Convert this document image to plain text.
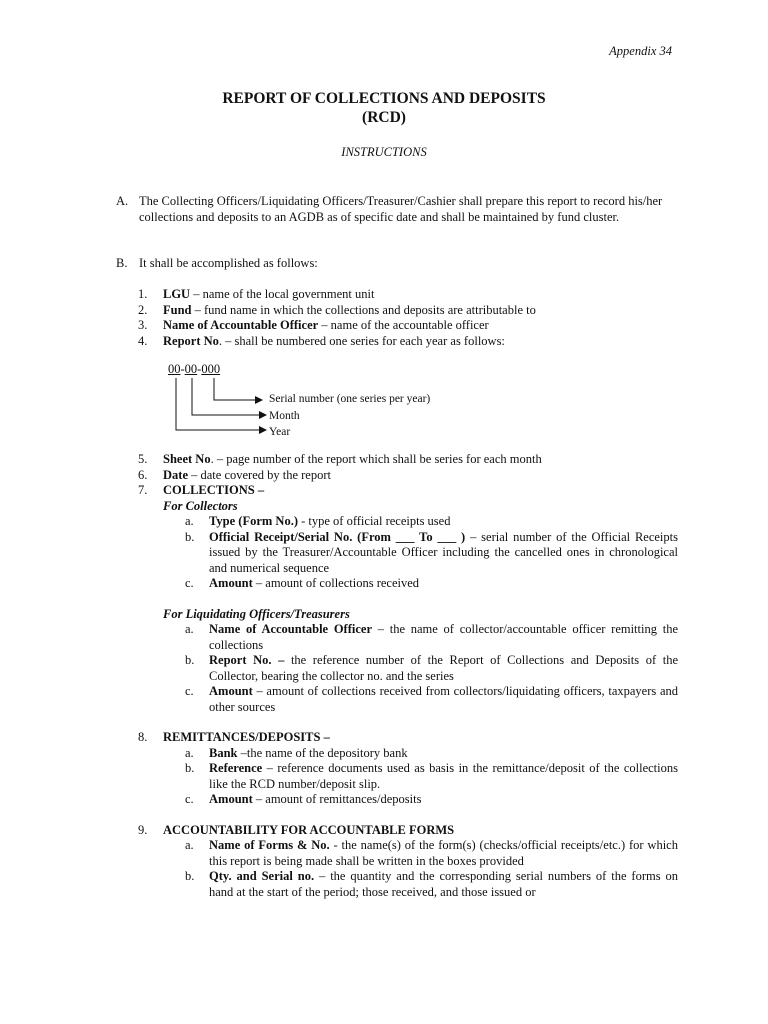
Appendix 34
REPORT OF COLLECTIONS AND DEPOSITS
(RCD)
INSTRUCTIONS
A. The Collecting Officers/Liquidating Officers/Treasurer/Cashier shall prepare this report to record his/her collections and deposits to an AGDB as of specific date and shall be maintained by fund cluster.
B. It shall be accomplished as follows:
1. LGU – name of the local government unit
2. Fund – fund name in which the collections and deposits are attributable to
3. Name of Accountable Officer – name of the accountable officer
4. Report No. – shall be numbered one series for each year as follows:
00-00-000
Serial number (one series per year)
Month
Year
5. Sheet No. – page number of the report which shall be series for each month
6. Date – date covered by the report
7. COLLECTIONS –
For Collectors
a. Type (Form No.) - type of official receipts used
b. Official Receipt/Serial No. (From ___ To ___ ) – serial number of the Official Receipts issued by the Treasurer/Accountable Officer including the cancelled ones in chronological and numerical sequence
c. Amount – amount of collections received
For Liquidating Officers/Treasurers
a. Name of Accountable Officer – the name of collector/accountable officer remitting the collections
b. Report No. – the reference number of the Report of Collections and Deposits of the Collector, bearing the collector no. and the series
c. Amount – amount of collections received from collectors/liquidating officers, taxpayers and other sources
8. REMITTANCES/DEPOSITS –
a. Bank –the name of the depository bank
b. Reference – reference documents used as basis in the remittance/deposit of the collections like the RCD number/deposit slip.
c. Amount – amount of remittances/deposits
9. ACCOUNTABILITY FOR ACCOUNTABLE FORMS
a. Name of Forms & No. - the name(s) of the form(s) (checks/official receipts/etc.) for which this report is being made shall be written in the boxes provided
b. Qty. and Serial no. – the quantity and the corresponding serial numbers of the forms on hand at the start of the period; those received, and those issued or
